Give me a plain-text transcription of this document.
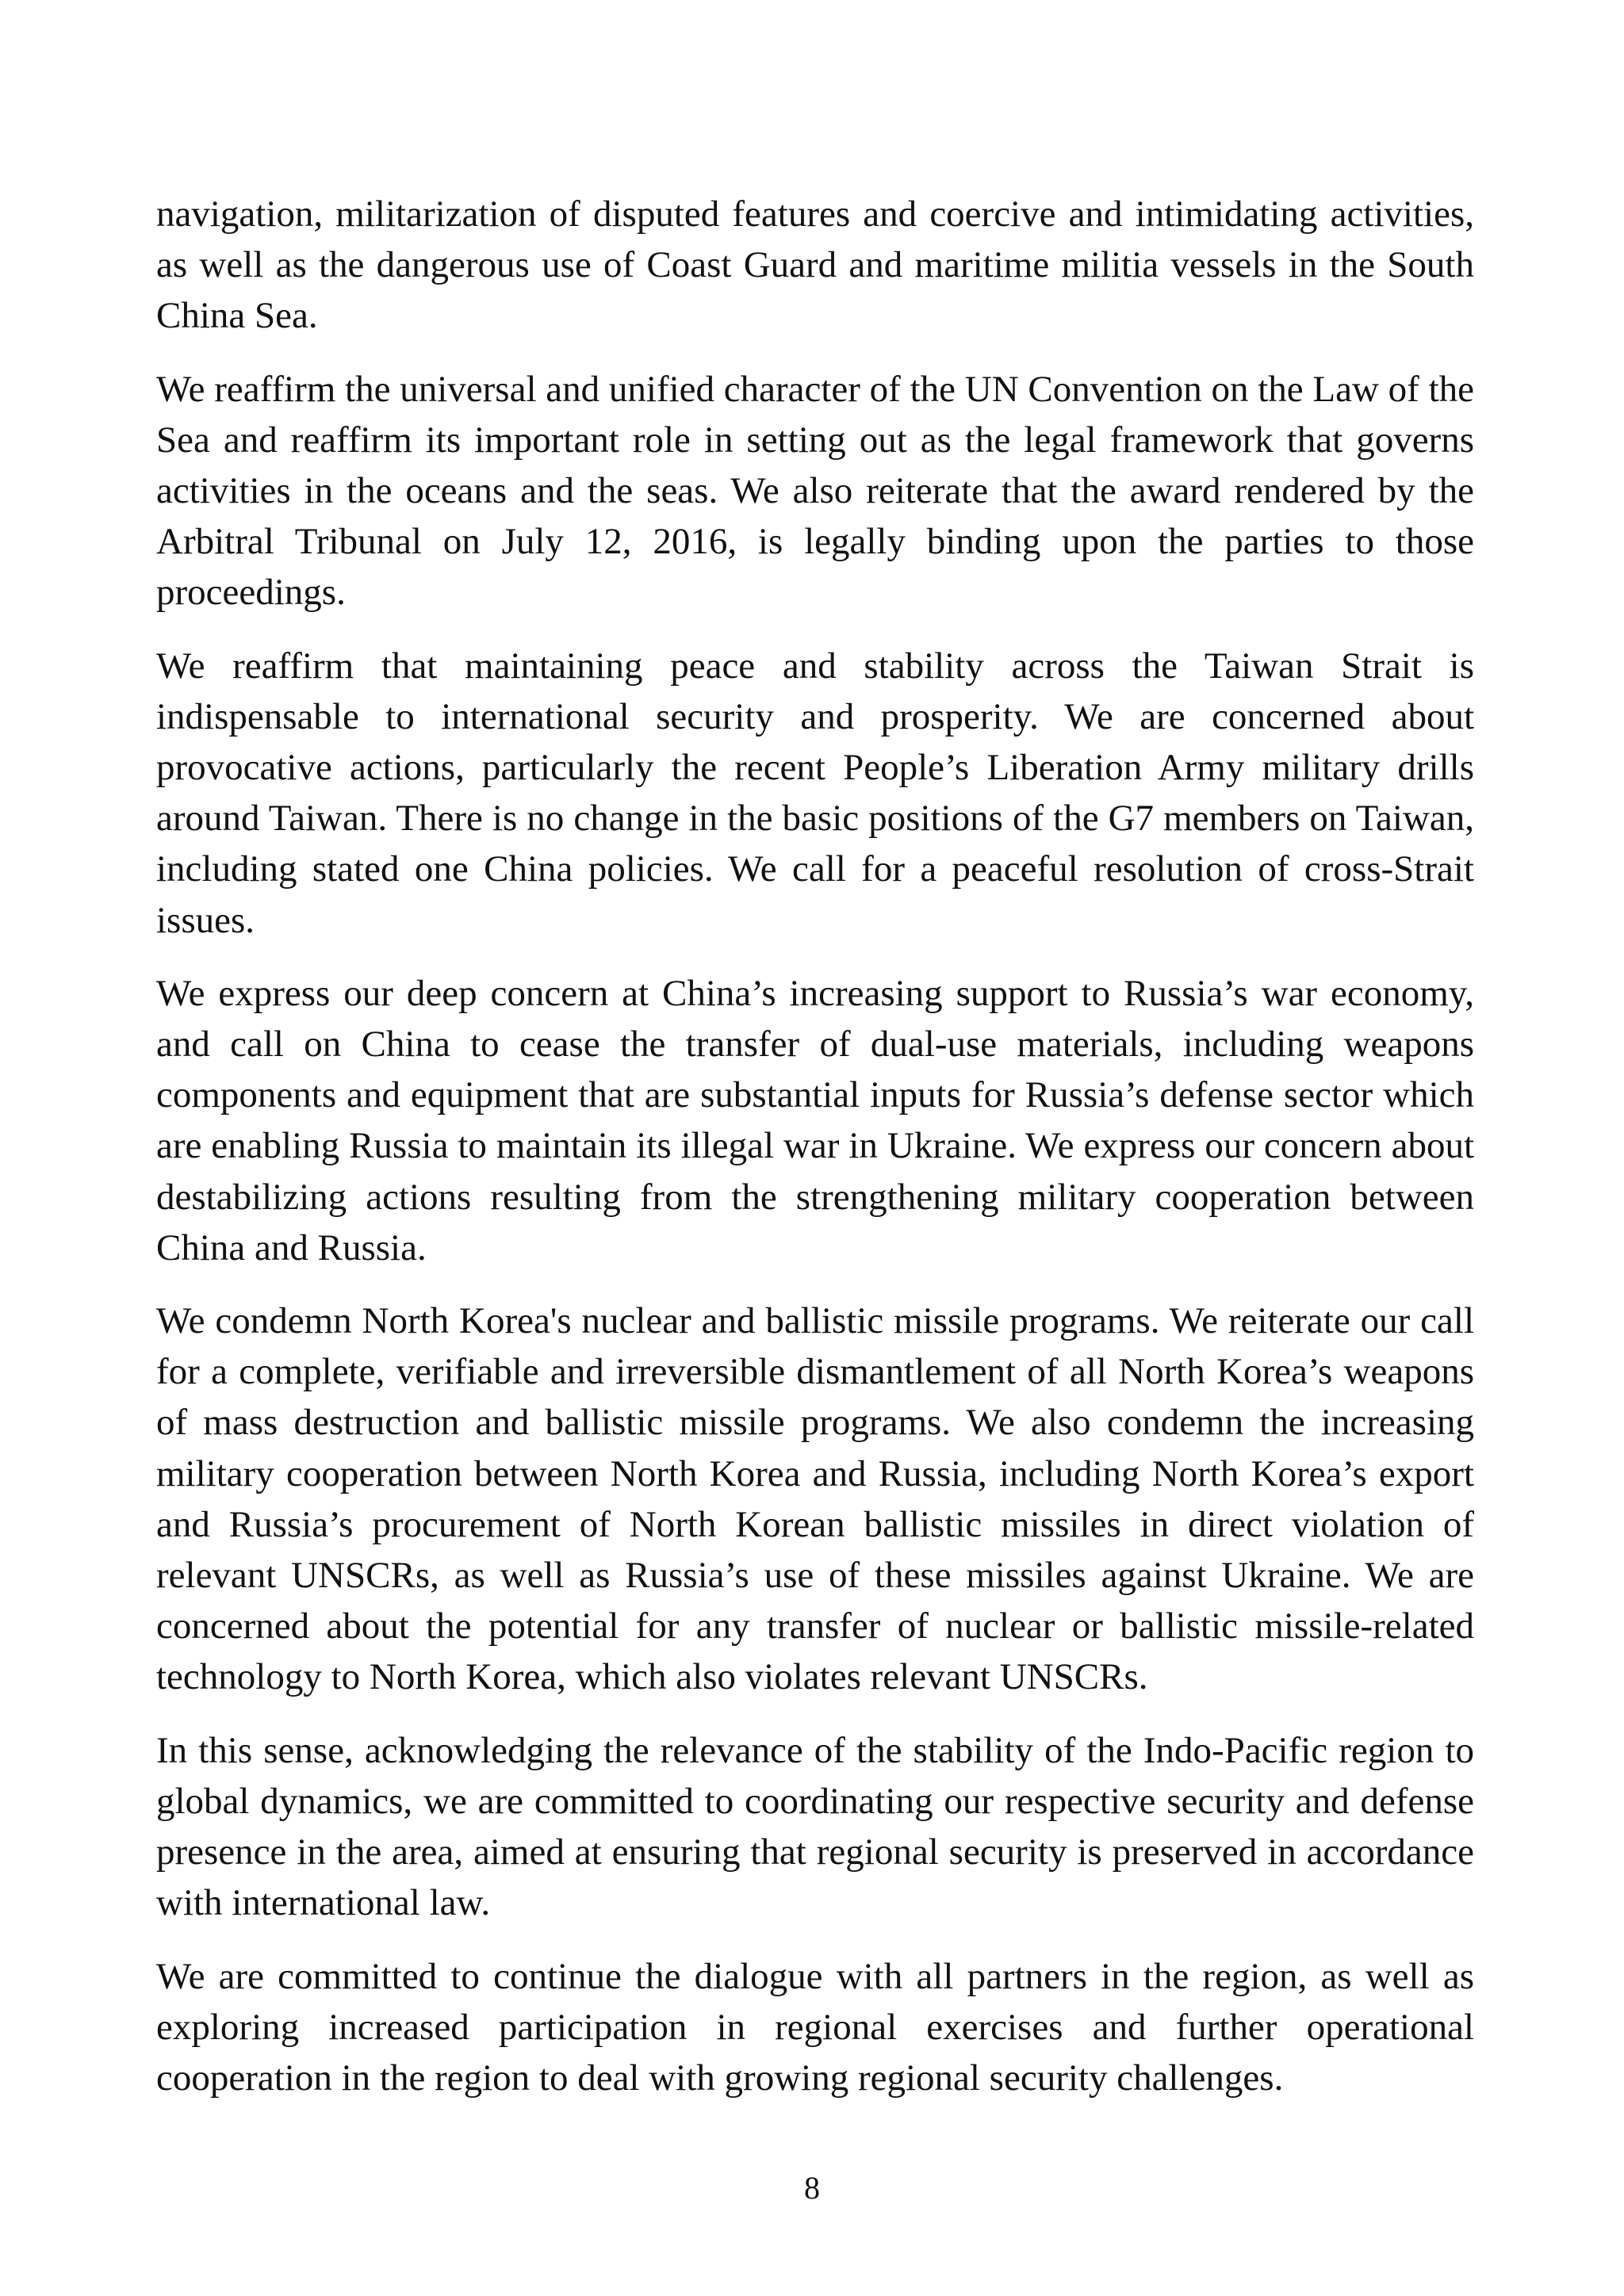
navigation, militarization of disputed features and coercive and intimidating activities, as well as the dangerous use of Coast Guard and maritime militia vessels in the South China Sea.

We reaffirm the universal and unified character of the UN Convention on the Law of the Sea and reaffirm its important role in setting out as the legal framework that governs activities in the oceans and the seas. We also reiterate that the award rendered by the Arbitral Tribunal on July 12, 2016, is legally binding upon the parties to those proceedings.

We reaffirm that maintaining peace and stability across the Taiwan Strait is indispensable to international security and prosperity. We are concerned about provocative actions, particularly the recent People’s Liberation Army military drills around Taiwan. There is no change in the basic positions of the G7 members on Taiwan, including stated one China policies. We call for a peaceful resolution of cross-Strait issues.

We express our deep concern at China’s increasing support to Russia’s war economy, and call on China to cease the transfer of dual-use materials, including weapons components and equipment that are substantial inputs for Russia’s defense sector which are enabling Russia to maintain its illegal war in Ukraine. We express our concern about destabilizing actions resulting from the strengthening military cooperation between China and Russia.

We condemn North Korea's nuclear and ballistic missile programs. We reiterate our call for a complete, verifiable and irreversible dismantlement of all North Korea’s weapons of mass destruction and ballistic missile programs. We also condemn the increasing military cooperation between North Korea and Russia, including North Korea’s export and Russia’s procurement of North Korean ballistic missiles in direct violation of relevant UNSCRs, as well as Russia’s use of these missiles against Ukraine. We are concerned about the potential for any transfer of nuclear or ballistic missile-related technology to North Korea, which also violates relevant UNSCRs.

In this sense, acknowledging the relevance of the stability of the Indo-Pacific region to global dynamics, we are committed to coordinating our respective security and defense presence in the area, aimed at ensuring that regional security is preserved in accordance with international law.

We are committed to continue the dialogue with all partners in the region, as well as exploring increased participation in regional exercises and further operational cooperation in the region to deal with growing regional security challenges.

8
